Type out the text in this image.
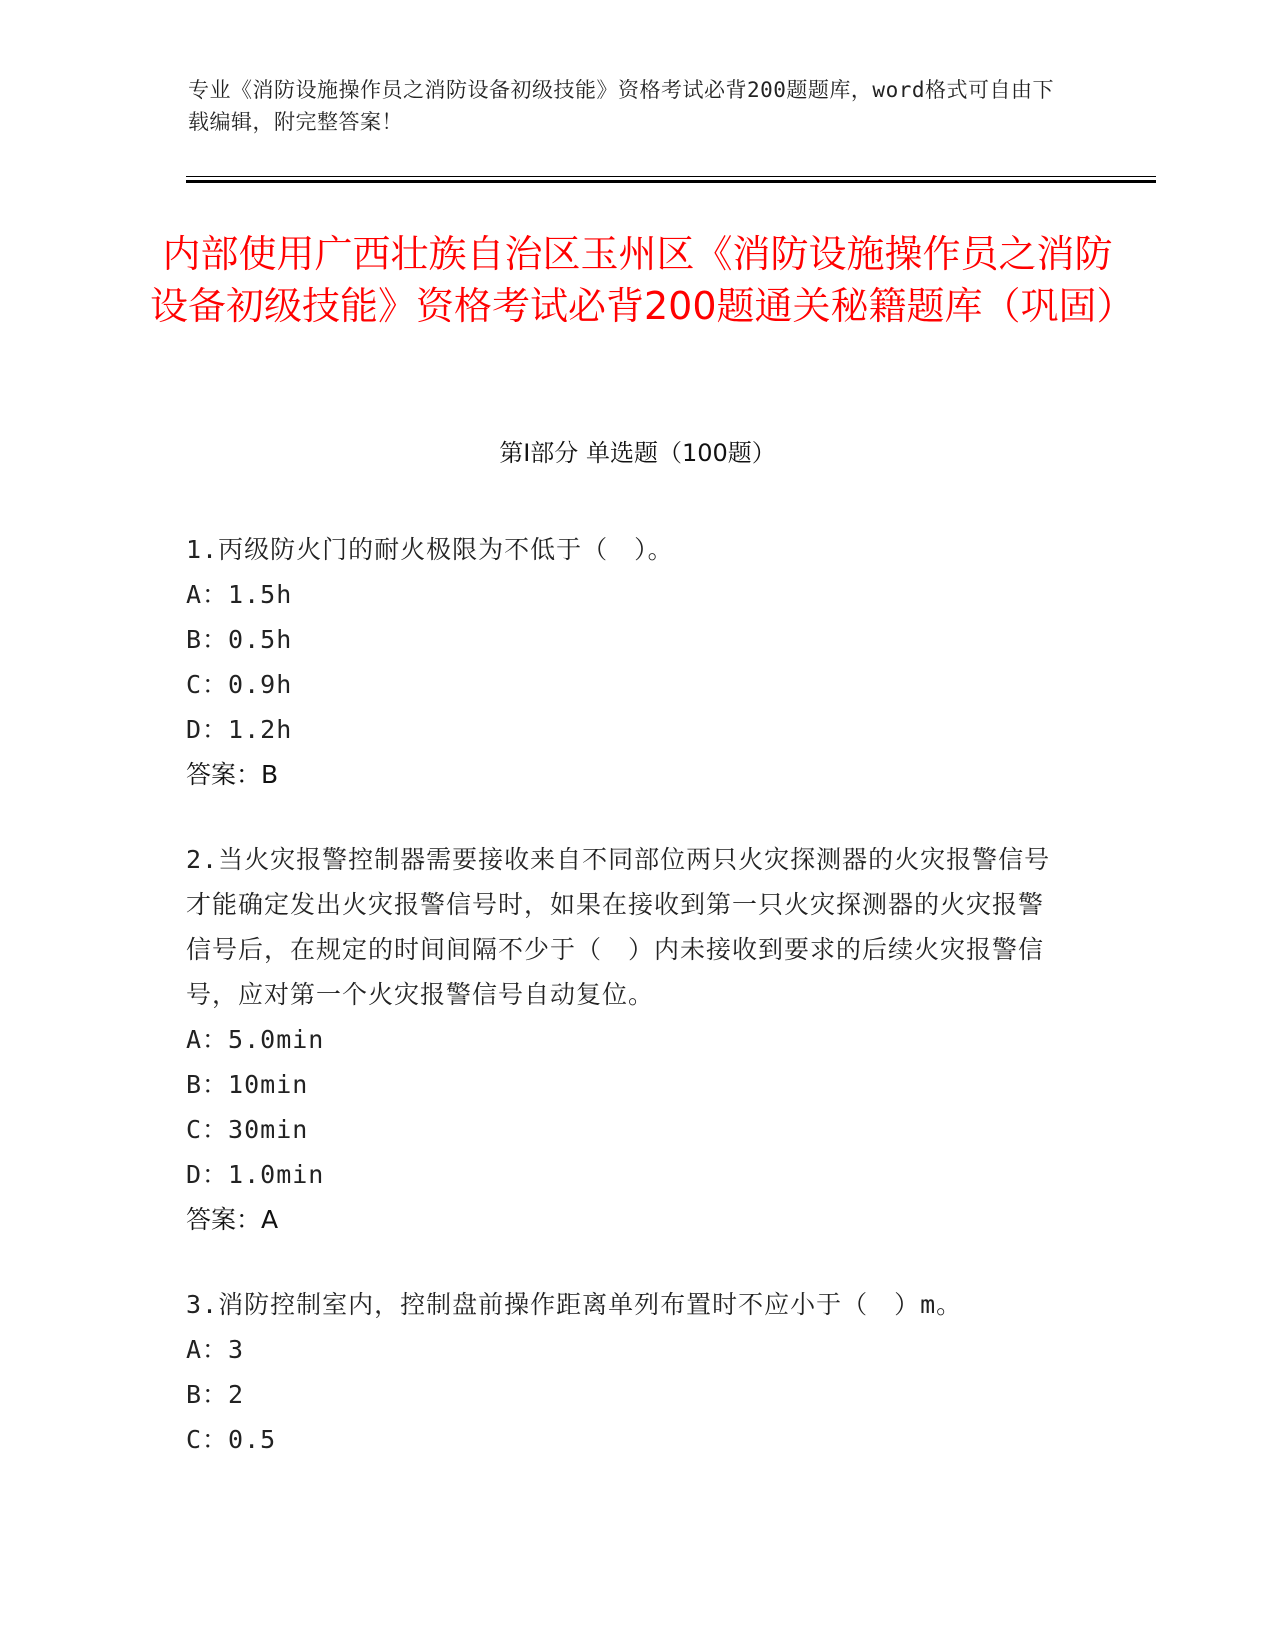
专业《消防设施操作员之消防设备初级技能》资格考试必背200题题库，word格式可自由下载编辑，附完整答案！
内部使用广西壮族自治区玉州区《消防设施操作员之消防设备初级技能》资格考试必背200题通关秘籍题库（巩固）
第Ⅰ部分 单选题（100题）
1.丙级防火门的耐火极限为不低于（　）。
A：1.5h
B：0.5h
C：0.9h
D：1.2h
答案：B
2.当火灾报警控制器需要接收来自不同部位两只火灾探测器的火灾报警信号才能确定发出火灾报警信号时，如果在接收到第一只火灾探测器的火灾报警信号后，在规定的时间间隔不少于（　）内未接收到要求的后续火灾报警信号，应对第一个火灾报警信号自动复位。
A：5.0min
B：10min
C：30min
D：1.0min
答案：A
3.消防控制室内，控制盘前操作距离单列布置时不应小于（　）m。
A：3
B：2
C：0.5
